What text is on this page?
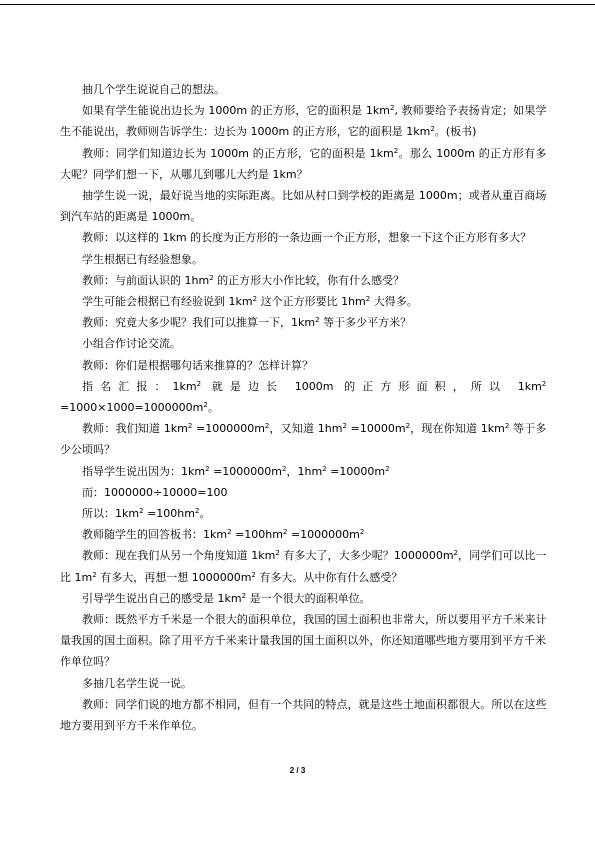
抽几个学生说说自己的想法。

如果有学生能说出边长为 1000m 的正方形，它的面积是 $1km^2$, 教师要给予表扬肯定；如果学生不能说出，教师则告诉学生：边长为 1000m 的正方形，它的面积是 $1km^2$。(板书)

教师：同学们知道边长为 1000m 的正方形，它的面积是 $1km^2$。那么 1000m 的正方形有多大呢？同学们想一下，从哪儿到哪儿大约是 1km？

抽学生说一说，最好说当地的实际距离。比如从村口到学校的距离是 1000m；或者从重百商场到汽车站的距离是 1000m。

教师：以这样的 1km 的长度为正方形的一条边画一个正方形，想象一下这个正方形有多大？

学生根据已有经验想象。

教师：与前面认识的 $1hm^2$ 的正方形大小作比较，你有什么感受？

学生可能会根据已有经验说到 $1km^2$ 这个正方形要比 $1hm^2$ 大得多。

教师：究竟大多少呢？我们可以推算一下，$1km^2$ 等于多少平方米？

小组合作讨论交流。

教师：你们是根据哪句话来推算的？怎样计算？

指名汇报：$1km^2$ 就是边长 1000m 的正方形面积，所以 $1km^2 =1000\times 1000=1000000m^2$。

教师：我们知道 $1km^2 =1000000m^2$，又知道 $1hm^2 =10000m^2$，现在你知道 $1km^2$ 等于多少公顷吗？

指导学生说出因为：$1km^2 =1000000m^2$，$1hm^2 =10000m^2$

而：1000000÷10000=100

所以：$1km^2 =100hm^2$。

教师随学生的回答板书：$1km^2 =100hm^2 =1000000m^2$

教师：现在我们从另一个角度知道 $1km^2$ 有多大了，大多少呢？$1000000m^2$，同学们可以比一比 $1m^2$ 有多大，再想一想 $1000000m^2$ 有多大。从中你有什么感受？

引导学生说出自己的感受是 $1km^2$ 是一个很大的面积单位。

教师：既然平方千米是一个很大的面积单位，我国的国土面积也非常大，所以要用平方千米来计量我国的国土面积。除了用平方千米来计量我国的国土面积以外，你还知道哪些地方要用到平方千米作单位吗？

多抽几名学生说一说。

教师：同学们说的地方都不相同，但有一个共同的特点，就是这些土地面积都很大。所以在这些地方要用到平方千米作单位。

2 / 3
